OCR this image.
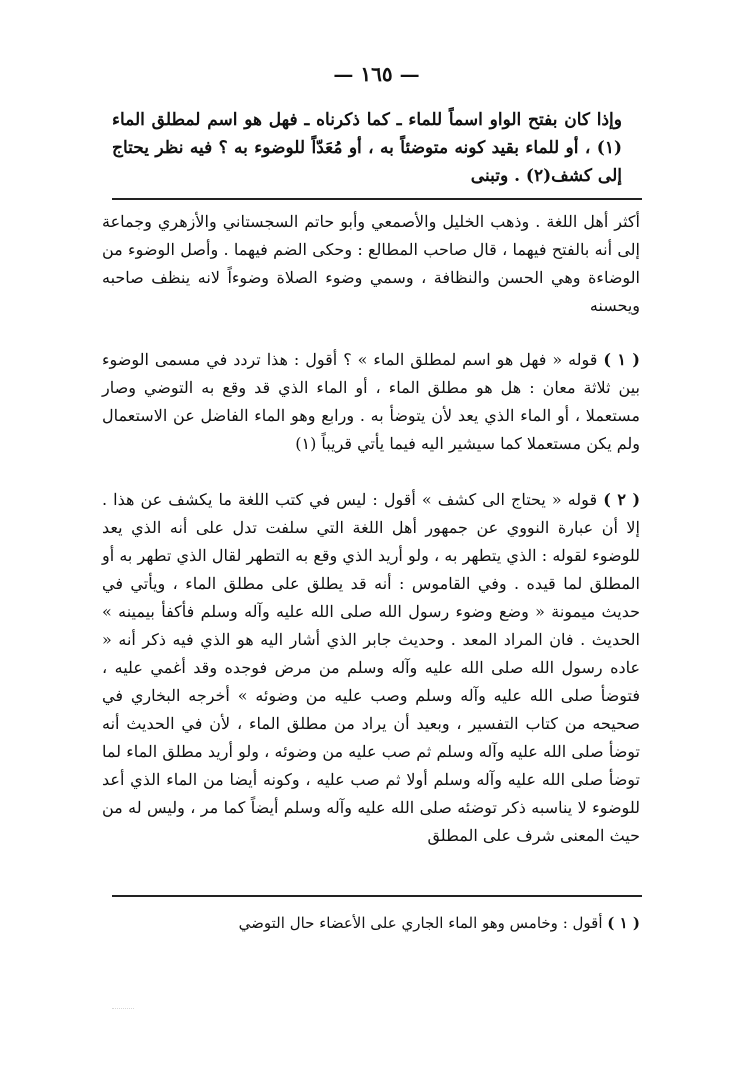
— ١٦٥ —

وإذا كان بفتح الواو اسماً للماء ـ كما ذكرناه ـ فهل هو اسم لمطلق الماء (١) ، أو للماء بقيد كونه متوضئاً به ، أو مُعَدّاً للوضوء به ؟ فيه نظر يحتاج إلى كشف(٢) . وتبنى

أكثر أهل اللغة . وذهب الخليل والأصمعي وأبو حاتم السجستاني والأزهري وجماعة إلى أنه بالفتح فيهما ، قال صاحب المطالع : وحكى الضم فيهما . وأصل الوضوء من الوضاءة وهي الحسن والنظافة ، وسمي وضوء الصلاة وضوءاً لانه ينظف صاحبه ويحسنه

( ١ ) قوله « فهل هو اسم لمطلق الماء » ؟ أقول : هذا تردد في مسمى الوضوء بين ثلاثة معان : هل هو مطلق الماء ، أو الماء الذي قد وقع به التوضي وصار مستعملا ، أو الماء الذي يعد لأن يتوضأ به . ورابع وهو الماء الفاضل عن الاستعمال ولم يكن مستعملا كما سيشير اليه فيما يأتي قريباً (١)

( ٢ ) قوله « يحتاج الى كشف » أقول : ليس في كتب اللغة ما يكشف عن هذا . إلا أن عبارة النووي عن جمهور أهل اللغة التي سلفت تدل على أنه الذي يعد للوضوء لقوله : الذي يتطهر به ، ولو أريد الذي وقع به التطهر لقال الذي تطهر به أو المطلق لما قيده . وفي القاموس : أنه قد يطلق على مطلق الماء ، ويأتي في حديث ميمونة « وضع وضوء رسول الله صلى الله عليه وآله وسلم فأكفأ بيمينه » الحديث . فان المراد المعد . وحديث جابر الذي أشار اليه هو الذي فيه ذكر أنه « عاده رسول الله صلى الله عليه وآله وسلم من مرض فوجده وقد أغمي عليه ، فتوضأ صلى الله عليه وآله وسلم وصب عليه من وضوئه » أخرجه البخاري في صحيحه من كتاب التفسير ، وبعيد أن يراد من مطلق الماء ، لأن في الحديث أنه توضأ صلى الله عليه وآله وسلم ثم صب عليه من وضوئه ، ولو أريد مطلق الماء لما توضأ صلى الله عليه وآله وسلم أولا ثم صب عليه ، وكونه أيضا من الماء الذي أعد للوضوء لا يناسبه ذكر توضئه صلى الله عليه وآله وسلم أيضاً كما مر ، وليس له من حيث المعنى شرف على المطلق

( ١ ) أقول : وخامس وهو الماء الجاري على الأعضاء حال التوضي
